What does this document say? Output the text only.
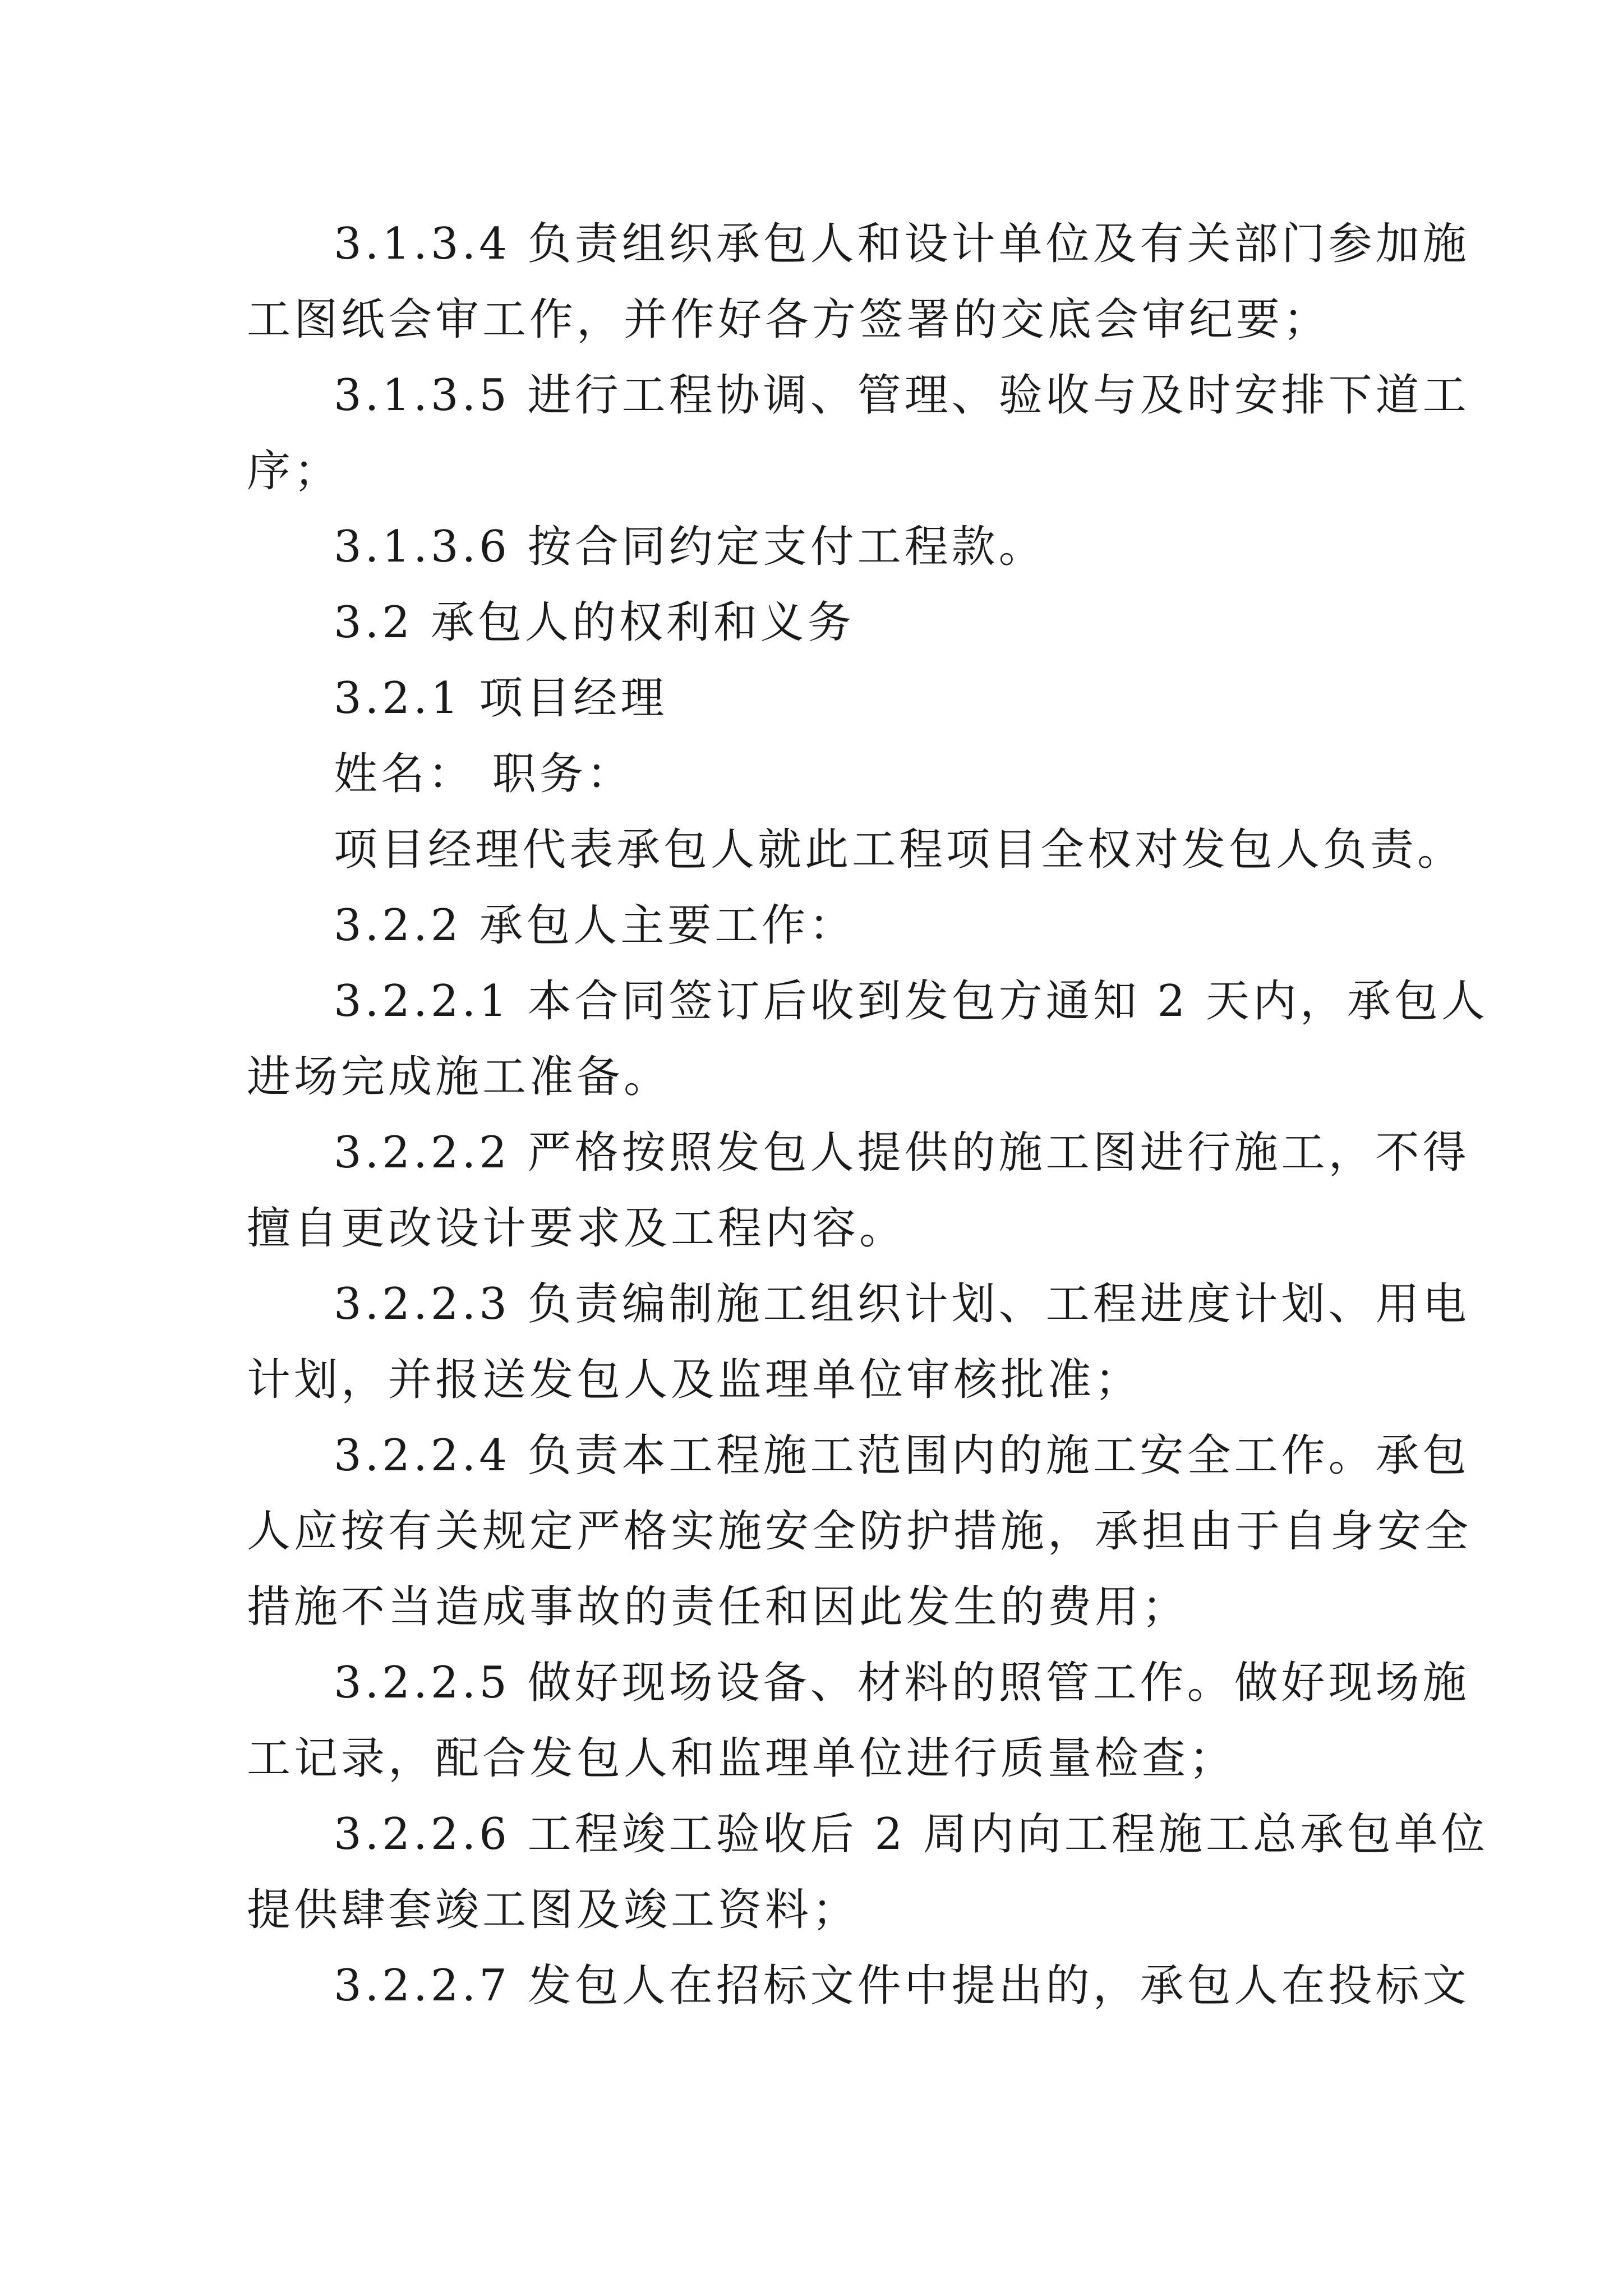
3.1.3.4 负责组织承包人和设计单位及有关部门参加施
工图纸会审工作，并作好各方签署的交底会审纪要；
3.1.3.5 进行工程协调、管理、验收与及时安排下道工
序；
3.1.3.6 按合同约定支付工程款。
3.2 承包人的权利和义务
3.2.1 项目经理
姓名： 职务：
项目经理代表承包人就此工程项目全权对发包人负责。
3.2.2 承包人主要工作：
3.2.2.1 本合同签订后收到发包方通知 2 天内，承包人
进场完成施工准备。
3.2.2.2 严格按照发包人提供的施工图进行施工，不得
擅自更改设计要求及工程内容。
3.2.2.3 负责编制施工组织计划、工程进度计划、用电
计划，并报送发包人及监理单位审核批准；
3.2.2.4 负责本工程施工范围内的施工安全工作。承包
人应按有关规定严格实施安全防护措施，承担由于自身安全
措施不当造成事故的责任和因此发生的费用；
3.2.2.5 做好现场设备、材料的照管工作。做好现场施
工记录，配合发包人和监理单位进行质量检查；
3.2.2.6 工程竣工验收后 2 周内向工程施工总承包单位
提供肆套竣工图及竣工资料；
3.2.2.7 发包人在招标文件中提出的，承包人在投标文
